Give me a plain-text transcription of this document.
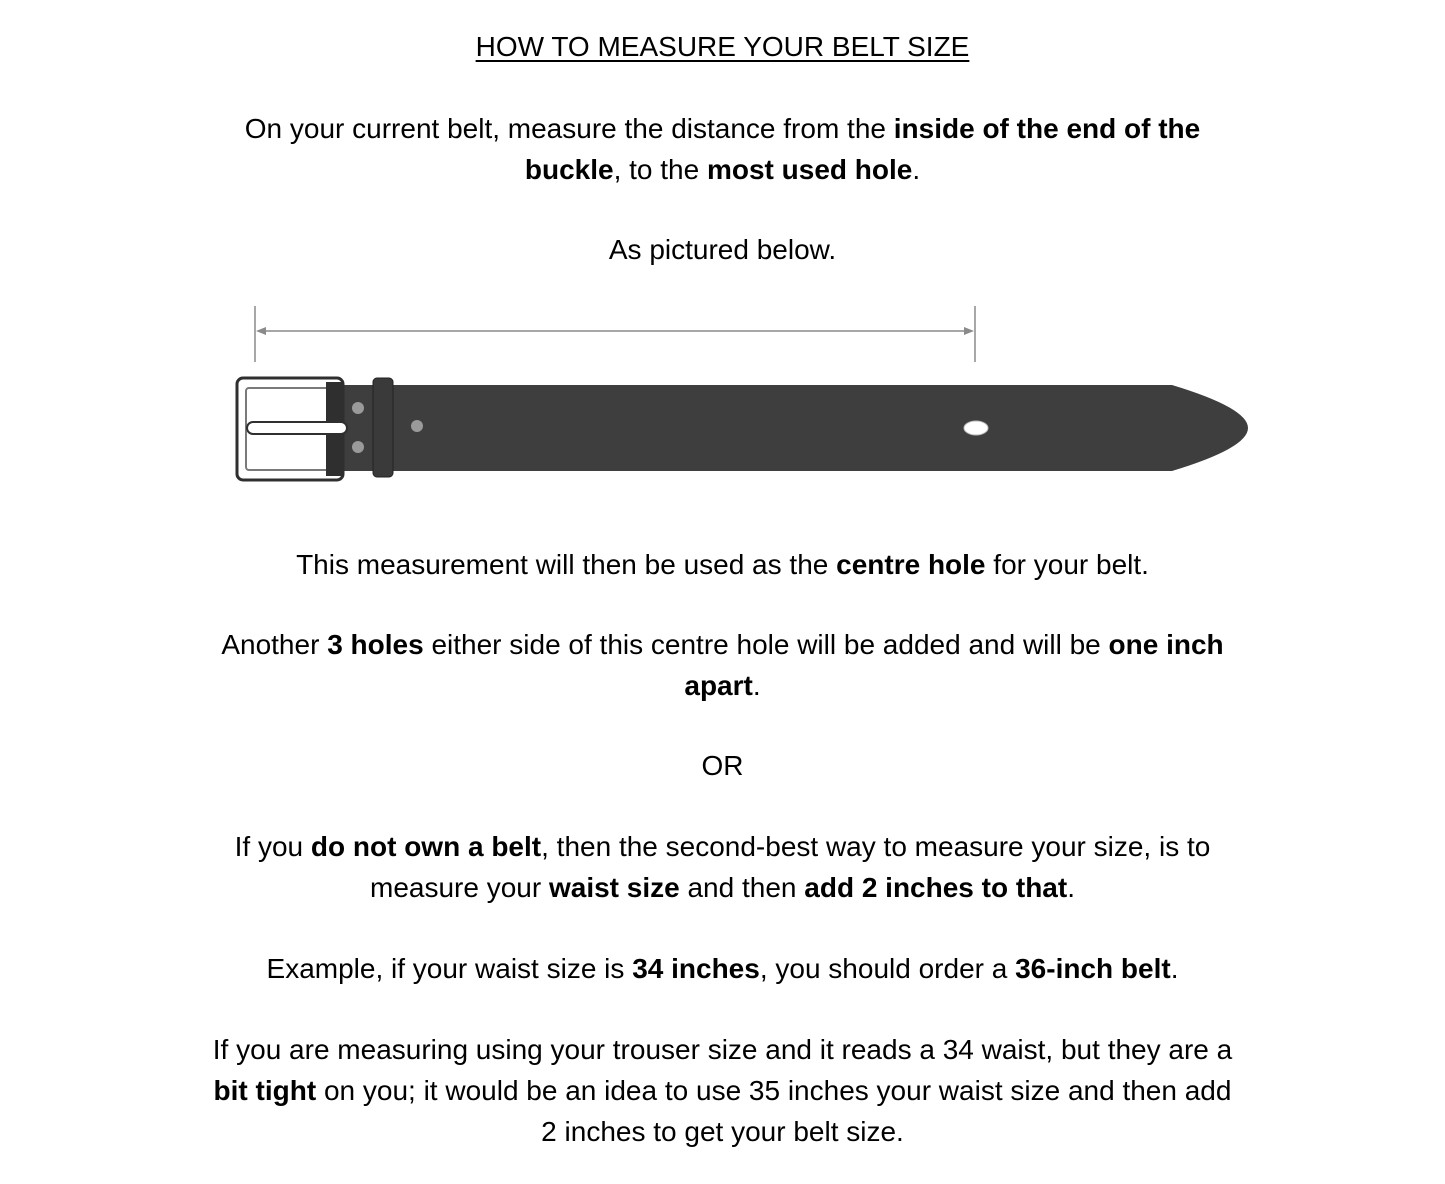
HOW TO MEASURE YOUR BELT SIZE
On your current belt, measure the distance from the inside of the end of the
buckle, to the most used hole.
As pictured below.
This measurement will then be used as the centre hole for your belt.
Another 3 holes either side of this centre hole will be added and will be one inch
apart.
OR
If you do not own a belt, then the second-best way to measure your size, is to
measure your waist size and then add 2 inches to that.
Example, if your waist size is 34 inches, you should order a 36-inch belt.
If you are measuring using your trouser size and it reads a 34 waist, but they are a
bit tight on you; it would be an idea to use 35 inches your waist size and then add
2 inches to get your belt size.
